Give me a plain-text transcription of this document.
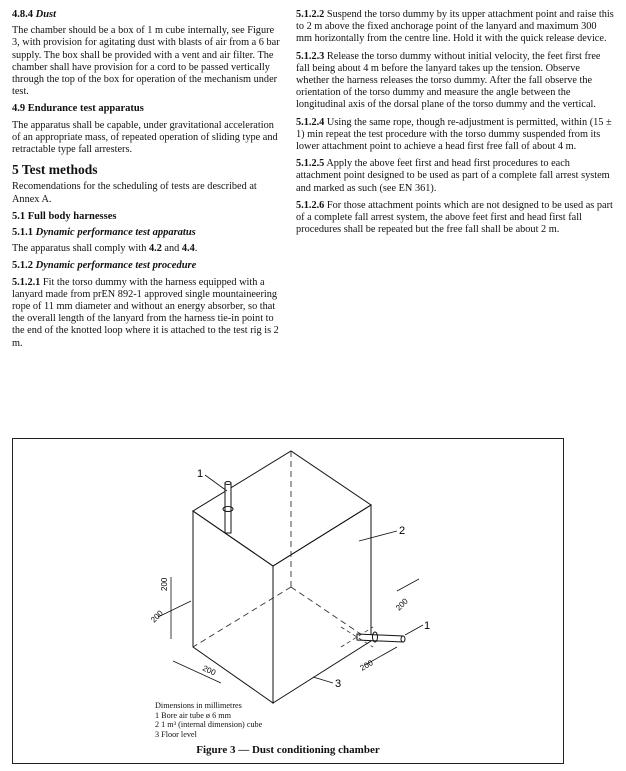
4.8.4 Dust

The chamber should be a box of 1 m cube internally, see Figure 3, with provision for agitating dust with blasts of air from a 6 bar supply. The box shall be provided with a vent and air filter. The chamber shall have provision for a cord to be passed vertically through the top of the box for operation of the mechanism under test.

4.9 Endurance test apparatus

The apparatus shall be capable, under gravitational acceleration of an appropriate mass, of repeated operation of sliding type and retractable type fall arresters.

5 Test methods

Recomendations for the scheduling of tests are described at Annex A.

5.1 Full body harnesses
5.1.1 Dynamic performance test apparatus

The apparatus shall comply with 4.2 and 4.4.

5.1.2 Dynamic performance test procedure

5.1.2.1 Fit the torso dummy with the harness equipped with a lanyard made from prEN 892-1 approved single mountaineering rope of 11 mm diameter and without an energy absorber, so that the overall length of the lanyard from the harness tie-in point to the end of the knotted loop where it is attached to the test rig is 2 m.

5.1.2.2 Suspend the torso dummy by its upper attachment point and raise this to 2 m above the fixed anchorage point of the lanyard and maximum 300 mm horizontally from the centre line. Hold it with the quick release device.

5.1.2.3 Release the torso dummy without initial velocity, the feet first free fall being about 4 m before the lanyard takes up the tension. Observe whether the harness releases the torso dummy. After the fall observe the orientation of the torso dummy and measure the angle between the longitudinal axis of the dorsal plane of the torso dummy and the vertical.

5.1.2.4 Using the same rope, though re-adjustment is permitted, within (15 ± 1) min repeat the test procedure with the torso dummy suspended from its lower attachment point to achieve a head first free fall of about 4 m.

5.1.2.5 Apply the above feet first and head first procedures to each attachment point designed to be used as part of a complete fall arrest system and marked as such (see EN 361).

5.1.2.6 For those attachment points which are not designed to be used as part of a complete fall arrest system, the above feet first and head first fall procedures shall be repeated but the free fall shall be about 2 m.

1
2
1
3
200
200
200
200
200
Dimensions in millimetres
1 Bore air tube ø 6 mm
2 1 m³ (internal dimension) cube
3 Floor level
Figure 3 — Dust conditioning chamber
